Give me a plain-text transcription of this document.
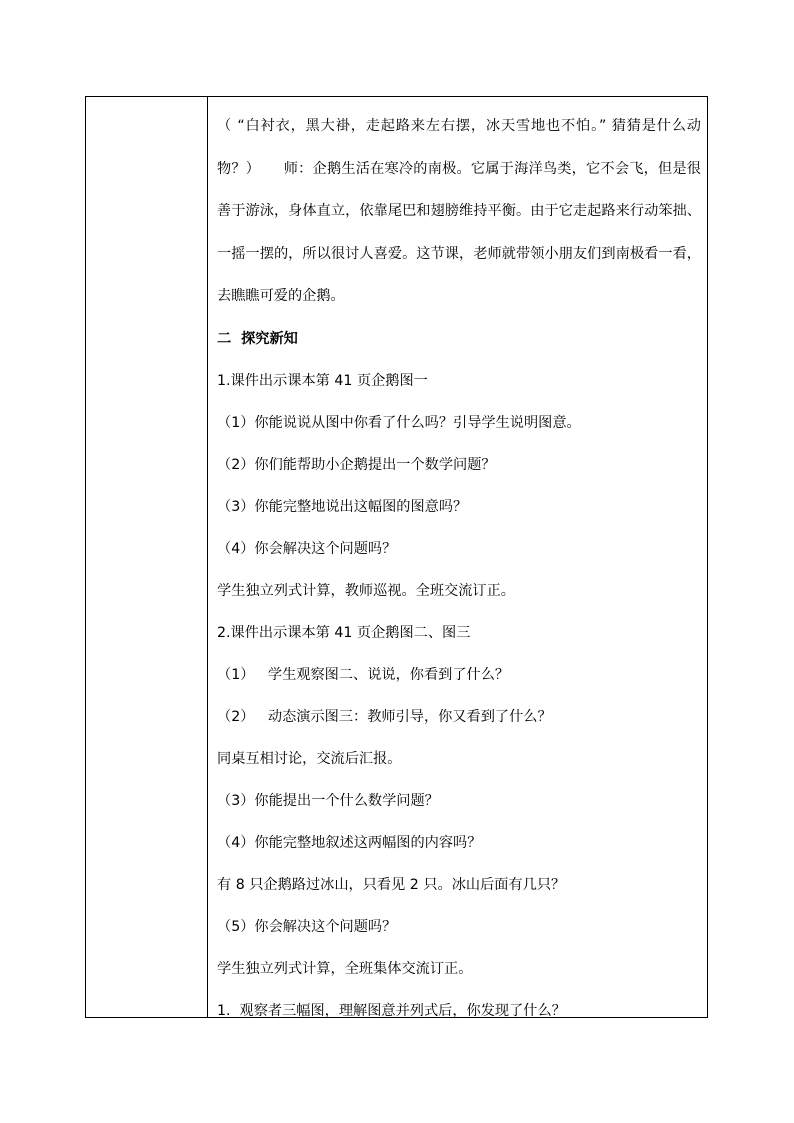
（ “白衬衣，黑大褂，走起路来左右摆，冰天雪地也不怕。” 猜猜是什么动物？）     师：企鹅生活在寒冷的南极。它属于海洋鸟类，它不会飞，但是很善于游泳，身体直立，依靠尾巴和翅膀维持平衡。由于它走起路来行动笨拙、一摇一摆的，所以很讨人喜爱。这节课，老师就带领小朋友们到南极看一看，去瞧瞧可爱的企鹅。

二  探究新知

1.课件出示课本第 41 页企鹅图一

（1）你能说说从图中你看了什么吗？引导学生说明图意。

（2）你们能帮助小企鹅提出一个数学问题？

（3）你能完整地说出这幅图的图意吗？

（4）你会解决这个问题吗？

学生独立列式计算，教师巡视。全班交流订正。

2.课件出示课本第 41 页企鹅图二、图三

（1）   学生观察图二、说说，你看到了什么？

（2）   动态演示图三：教师引导，你又看到了什么？

同桌互相讨论，交流后汇报。

（3）你能提出一个什么数学问题？

（4）你能完整地叙述这两幅图的内容吗？

有 8 只企鹅路过冰山，只看见 2 只。冰山后面有几只？

（5）你会解决这个问题吗？

学生独立列式计算，全班集体交流订正。

1.  观察者三幅图，理解图意并列式后，你发现了什么？
